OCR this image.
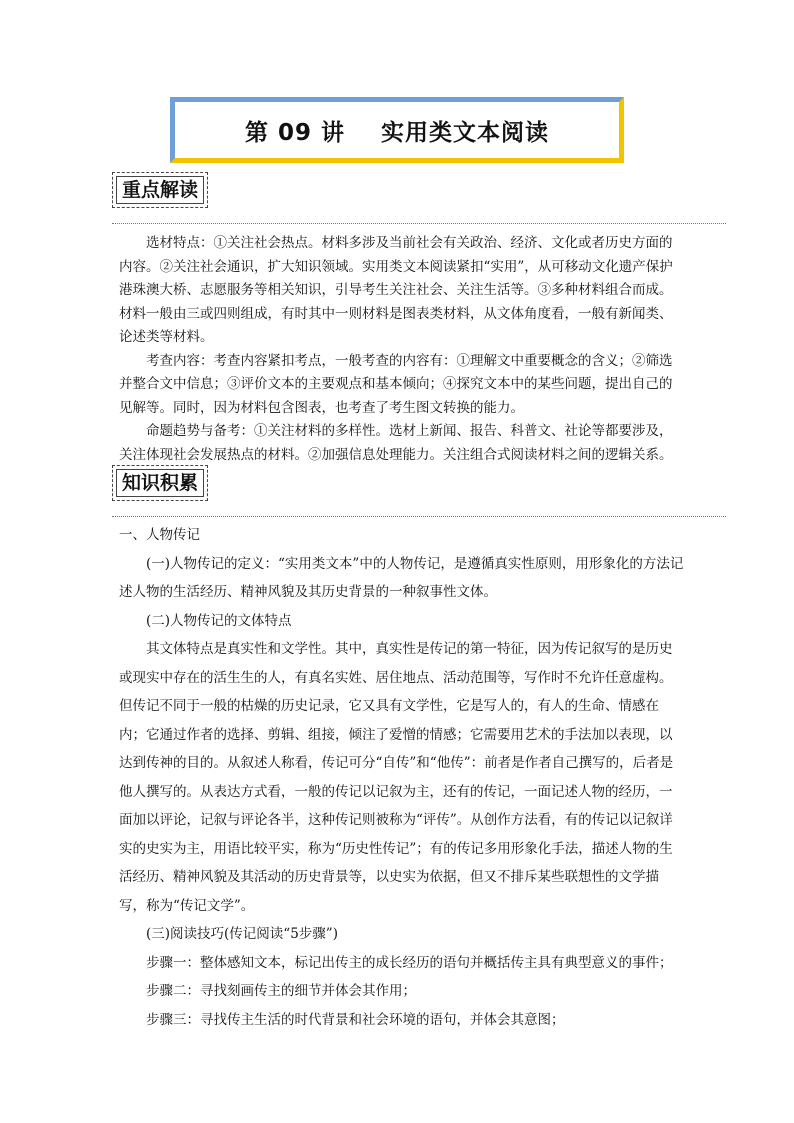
第 09 讲    实用类文本阅读
重点解读

选材特点：①关注社会热点。材料多涉及当前社会有关政治、经济、文化或者历史方面的内容。②关注社会通识，扩大知识领域。实用类文本阅读紧扣“实用”，从可移动文化遗产保护港珠澳大桥、志愿服务等相关知识，引导考生关注社会、关注生活等。③多种材料组合而成。材料一般由三或四则组成，有时其中一则材料是图表类材料，从文体角度看，一般有新闻类、论述类等材料。

考查内容：考查内容紧扣考点，一般考查的内容有：①理解文中重要概念的含义；②筛选并整合文中信息；③评价文本的主要观点和基本倾向；④探究文本中的某些问题，提出自己的见解等。同时，因为材料包含图表，也考查了考生图文转换的能力。

命题趋势与备考：①关注材料的多样性。选材上新闻、报告、科普文、社论等都要涉及，关注体现社会发展热点的材料。②加强信息处理能力。关注组合式阅读材料之间的逻辑关系。

知识积累

一、人物传记

(一)人物传记的定义：“实用类文本”中的人物传记，是遵循真实性原则，用形象化的方法记述人物的生活经历、精神风貌及其历史背景的一种叙事性文体。

(二)人物传记的文体特点

其文体特点是真实性和文学性。其中，真实性是传记的第一特征，因为传记叙写的是历史或现实中存在的活生生的人，有真名实姓、居住地点、活动范围等，写作时不允许任意虚构。但传记不同于一般的枯燥的历史记录，它又具有文学性，它是写人的，有人的生命、情感在内；它通过作者的选择、剪辑、组接，倾注了爱憎的情感；它需要用艺术的手法加以表现，以达到传神的目的。从叙述人称看，传记可分“自传”和“他传”：前者是作者自己撰写的，后者是他人撰写的。从表达方式看，一般的传记以记叙为主，还有的传记，一面记述人物的经历，一面加以评论，记叙与评论各半，这种传记则被称为“评传”。从创作方法看，有的传记以记叙详实的史实为主，用语比较平实，称为“历史性传记”；有的传记多用形象化手法，描述人物的生活经历、精神风貌及其活动的历史背景等，以史实为依据，但又不排斥某些联想性的文学描写，称为“传记文学”。

(三)阅读技巧(传记阅读“5步骤”)

步骤一：整体感知文本，标记出传主的成长经历的语句并概括传主具有典型意义的事件；

步骤二：寻找刻画传主的细节并体会其作用；

步骤三：寻找传主生活的时代背景和社会环境的语句，并体会其意图；
